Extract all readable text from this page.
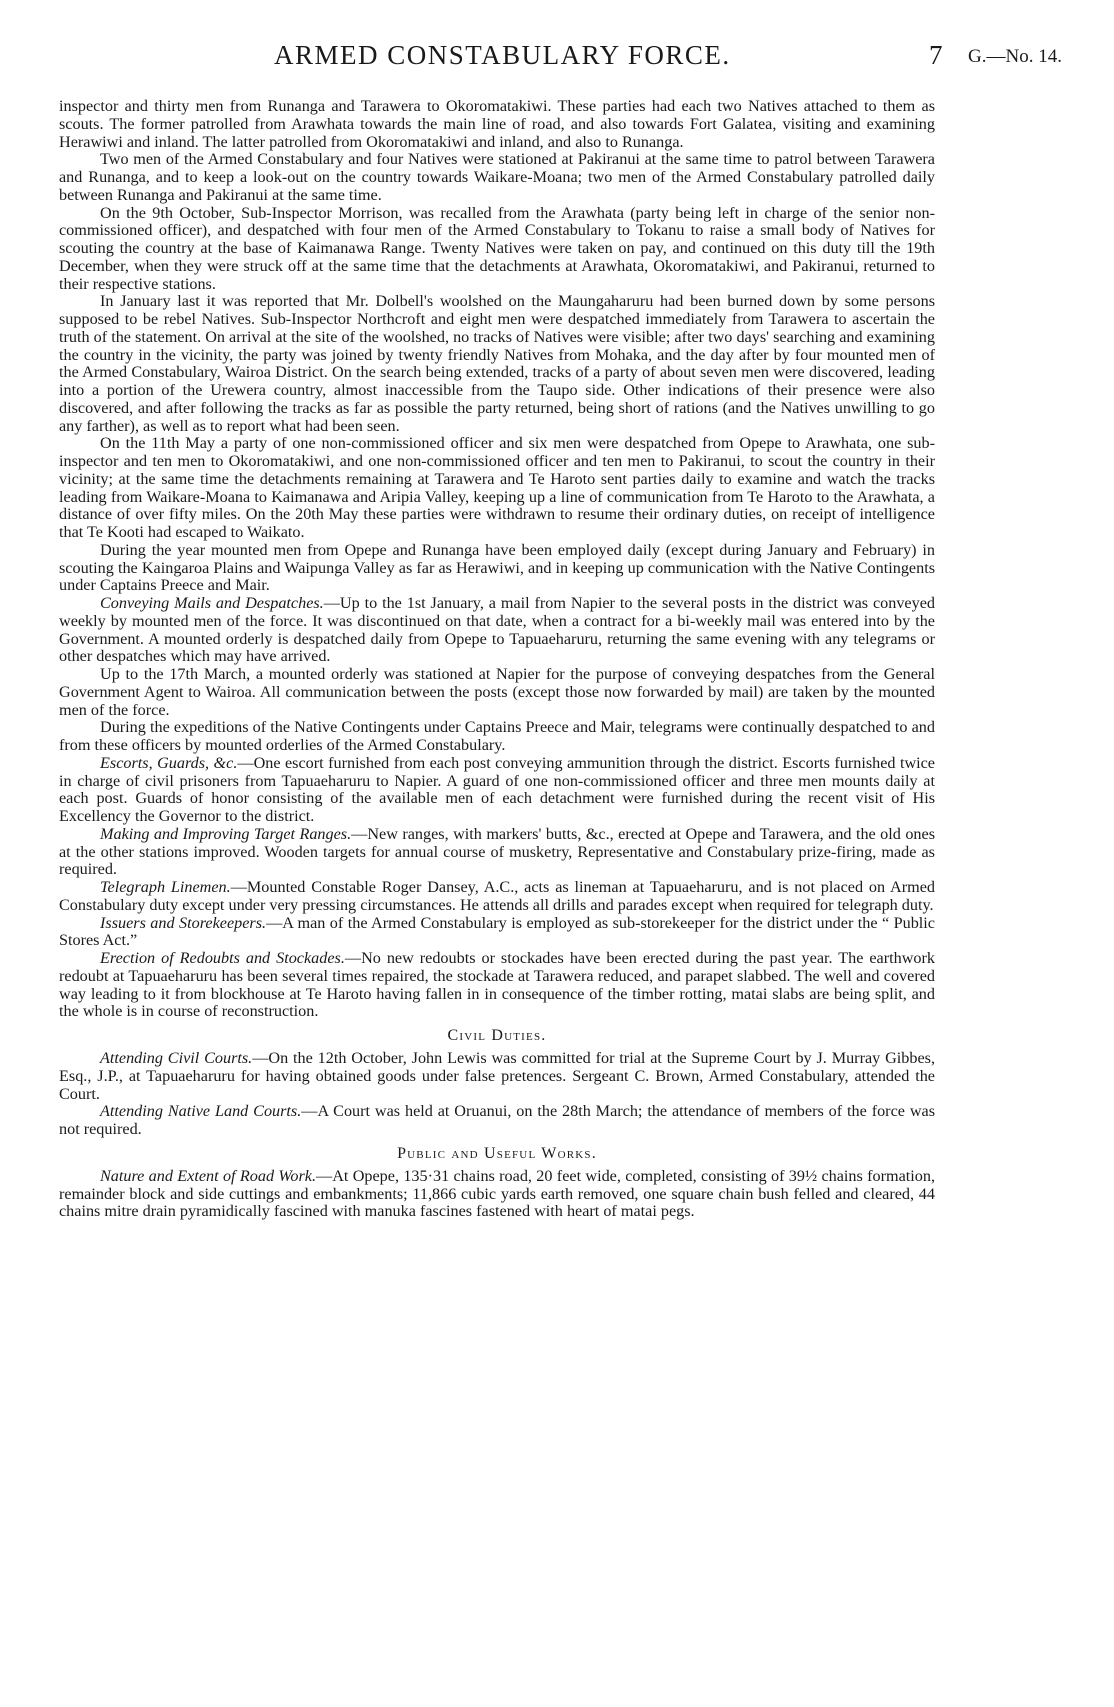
ARMED CONSTABULARY FORCE.	7 G.—No. 14.

inspector and thirty men from Runanga and Tarawera to Okoromatakiwi. These parties had each two Natives attached to them as scouts. The former patrolled from Arawhata towards the main line of road, and also towards Fort Galatea, visiting and examining Herawiwi and inland. The latter patrolled from Okoromatakiwi and inland, and also to Runanga.

Two men of the Armed Constabulary and four Natives were stationed at Pakiranui at the same time to patrol between Tarawera and Runanga, and to keep a look-out on the country towards Waikare-Moana; two men of the Armed Constabulary patrolled daily between Runanga and Pakiranui at the same time.

On the 9th October, Sub-Inspector Morrison, was recalled from the Arawhata (party being left in charge of the senior non-commissioned officer), and despatched with four men of the Armed Constabulary to Tokanu to raise a small body of Natives for scouting the country at the base of Kaimanawa Range. Twenty Natives were taken on pay, and continued on this duty till the 19th December, when they were struck off at the same time that the detachments at Arawhata, Okoromatakiwi, and Pakiranui, returned to their respective stations.

In January last it was reported that Mr. Dolbell's woolshed on the Maungaharuru had been burned down by some persons supposed to be rebel Natives. Sub-Inspector Northcroft and eight men were despatched immediately from Tarawera to ascertain the truth of the statement. On arrival at the site of the woolshed, no tracks of Natives were visible; after two days' searching and examining the country in the vicinity, the party was joined by twenty friendly Natives from Mohaka, and the day after by four mounted men of the Armed Constabulary, Wairoa District. On the search being extended, tracks of a party of about seven men were discovered, leading into a portion of the Urewera country, almost inaccessible from the Taupo side. Other indications of their presence were also discovered, and after following the tracks as far as possible the party returned, being short of rations (and the Natives unwilling to go any farther), as well as to report what had been seen.

On the 11th May a party of one non-commissioned officer and six men were despatched from Opepe to Arawhata, one sub-inspector and ten men to Okoromatakiwi, and one non-commissioned officer and ten men to Pakiranui, to scout the country in their vicinity; at the same time the detachments remaining at Tarawera and Te Haroto sent parties daily to examine and watch the tracks leading from Waikare-Moana to Kaimanawa and Aripia Valley, keeping up a line of communication from Te Haroto to the Arawhata, a distance of over fifty miles. On the 20th May these parties were withdrawn to resume their ordinary duties, on receipt of intelligence that Te Kooti had escaped to Waikato.

During the year mounted men from Opepe and Runanga have been employed daily (except during January and February) in scouting the Kaingaroa Plains and Waipunga Valley as far as Herawiwi, and in keeping up communication with the Native Contingents under Captains Preece and Mair.

Conveying Mails and Despatches.—Up to the 1st January, a mail from Napier to the several posts in the district was conveyed weekly by mounted men of the force. It was discontinued on that date, when a contract for a bi-weekly mail was entered into by the Government. A mounted orderly is despatched daily from Opepe to Tapuaeharuru, returning the same evening with any telegrams or other despatches which may have arrived.

Up to the 17th March, a mounted orderly was stationed at Napier for the purpose of conveying despatches from the General Government Agent to Wairoa. All communication between the posts (except those now forwarded by mail) are taken by the mounted men of the force.

During the expeditions of the Native Contingents under Captains Preece and Mair, telegrams were continually despatched to and from these officers by mounted orderlies of the Armed Constabulary.

Escorts, Guards, &c.—One escort furnished from each post conveying ammunition through the district. Escorts furnished twice in charge of civil prisoners from Tapuaeharuru to Napier. A guard of one non-commissioned officer and three men mounts daily at each post. Guards of honor consisting of the available men of each detachment were furnished during the recent visit of His Excellency the Governor to the district.

Making and Improving Target Ranges.—New ranges, with markers' butts, &c., erected at Opepe and Tarawera, and the old ones at the other stations improved. Wooden targets for annual course of musketry, Representative and Constabulary prize-firing, made as required.

Telegraph Linemen.—Mounted Constable Roger Dansey, A.C., acts as lineman at Tapuaeharuru, and is not placed on Armed Constabulary duty except under very pressing circumstances. He attends all drills and parades except when required for telegraph duty.

Issuers and Storekeepers.—A man of the Armed Constabulary is employed as sub-storekeeper for the district under the “ Public Stores Act.”

Erection of Redoubts and Stockades.—No new redoubts or stockades have been erected during the past year. The earthwork redoubt at Tapuaeharuru has been several times repaired, the stockade at Tarawera reduced, and parapet slabbed. The well and covered way leading to it from blockhouse at Te Haroto having fallen in in consequence of the timber rotting, matai slabs are being split, and the whole is in course of reconstruction.

Civil Duties.

Attending Civil Courts.—On the 12th October, John Lewis was committed for trial at the Supreme Court by J. Murray Gibbes, Esq., J.P., at Tapuaeharuru for having obtained goods under false pretences. Sergeant C. Brown, Armed Constabulary, attended the Court.

Attending Native Land Courts.—A Court was held at Oruanui, on the 28th March; the attendance of members of the force was not required.

Public and Useful Works.

Nature and Extent of Road Work.—At Opepe, 135·31 chains road, 20 feet wide, completed, consisting of 39½ chains formation, remainder block and side cuttings and embankments; 11,866 cubic yards earth removed, one square chain bush felled and cleared, 44 chains mitre drain pyramidically fascined with manuka fascines fastened with heart of matai pegs.
